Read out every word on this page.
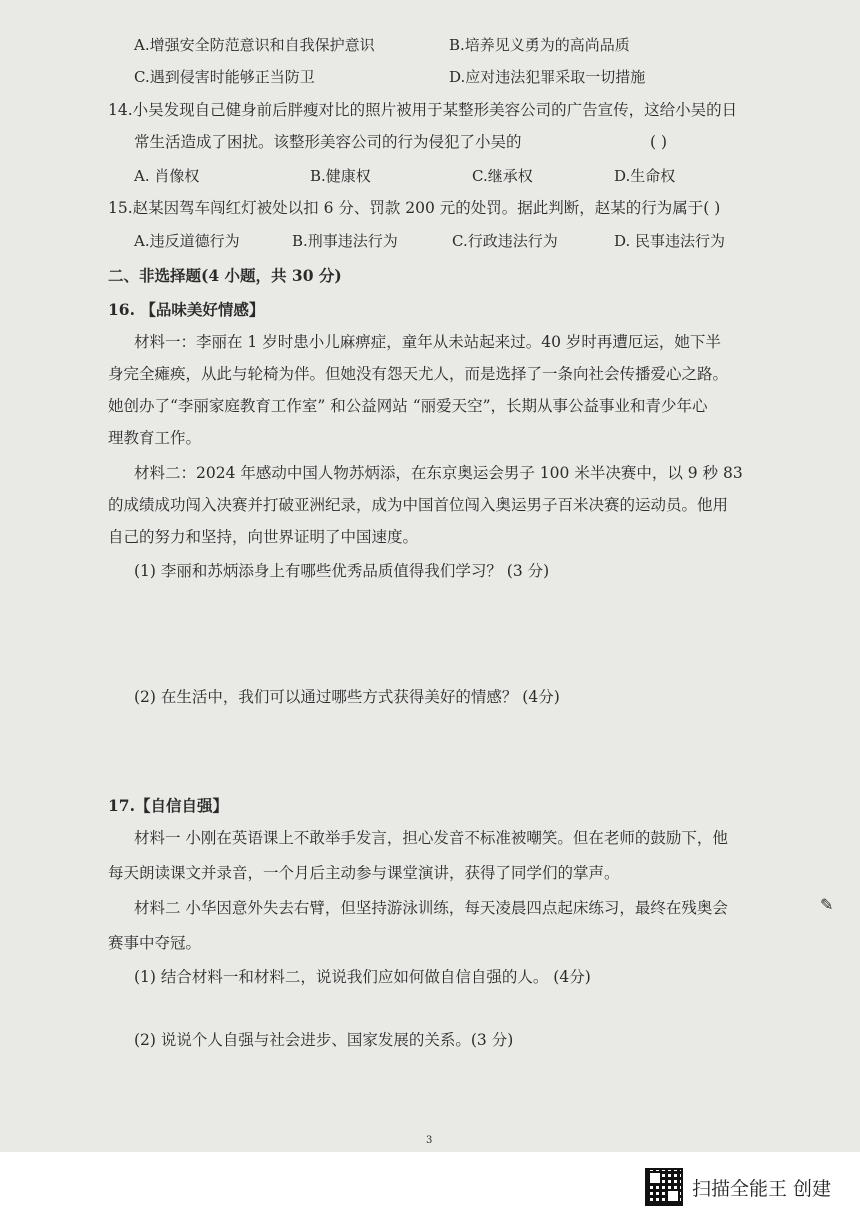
A.增强安全防范意识和自我保护意识	B.培养见义勇为的高尚品质
C.遇到侵害时能够正当防卫	D.应对违法犯罪采取一切措施
14.小吴发现自己健身前后胖瘦对比的照片被用于某整形美容公司的广告宣传，这给小吴的日
常生活造成了困扰。该整形美容公司的行为侵犯了小吴的	( )
A. 肖像权	B.健康权	C.继承权	D.生命权
15.赵某因驾车闯红灯被处以扣 6 分、罚款 200 元的处罚。据此判断，赵某的行为属于( )
A.违反道德行为	B.刑事违法行为	C.行政违法行为	D. 民事违法行为
二、非选择题(4 小题，共 30 分)
16. 【品味美好情感】
材料一：李丽在 1 岁时患小儿麻痹症，童年从未站起来过。40 岁时再遭厄运，她下半
身完全瘫痪，从此与轮椅为伴。但她没有怨天尤人，而是选择了一条向社会传播爱心之路。
她创办了“李丽家庭教育工作室” 和公益网站 “丽爱天空”，长期从事公益事业和青少年心
理教育工作。
材料二：2024 年感动中国人物苏炳添，在东京奥运会男子 100 米半决赛中，以 9 秒 83
的成绩成功闯入决赛并打破亚洲纪录，成为中国首位闯入奥运男子百米决赛的运动员。他用
自己的努力和坚持，向世界证明了中国速度。
(1) 李丽和苏炳添身上有哪些优秀品质值得我们学习？ (3 分)
(2) 在生活中，我们可以通过哪些方式获得美好的情感？ (4分)
17.【自信自强】
材料一 小刚在英语课上不敢举手发言，担心发音不标准被嘲笑。但在老师的鼓励下，他
每天朗读课文并录音，一个月后主动参与课堂演讲，获得了同学们的掌声。
材料二 小华因意外失去右臂，但坚持游泳训练，每天凌晨四点起床练习，最终在残奥会
赛事中夺冠。
(1) 结合材料一和材料二，说说我们应如何做自信自强的人。 (4分)
(2) 说说个人自强与社会进步、国家发展的关系。(3 分)
✎
3
扫描全能王 创建
